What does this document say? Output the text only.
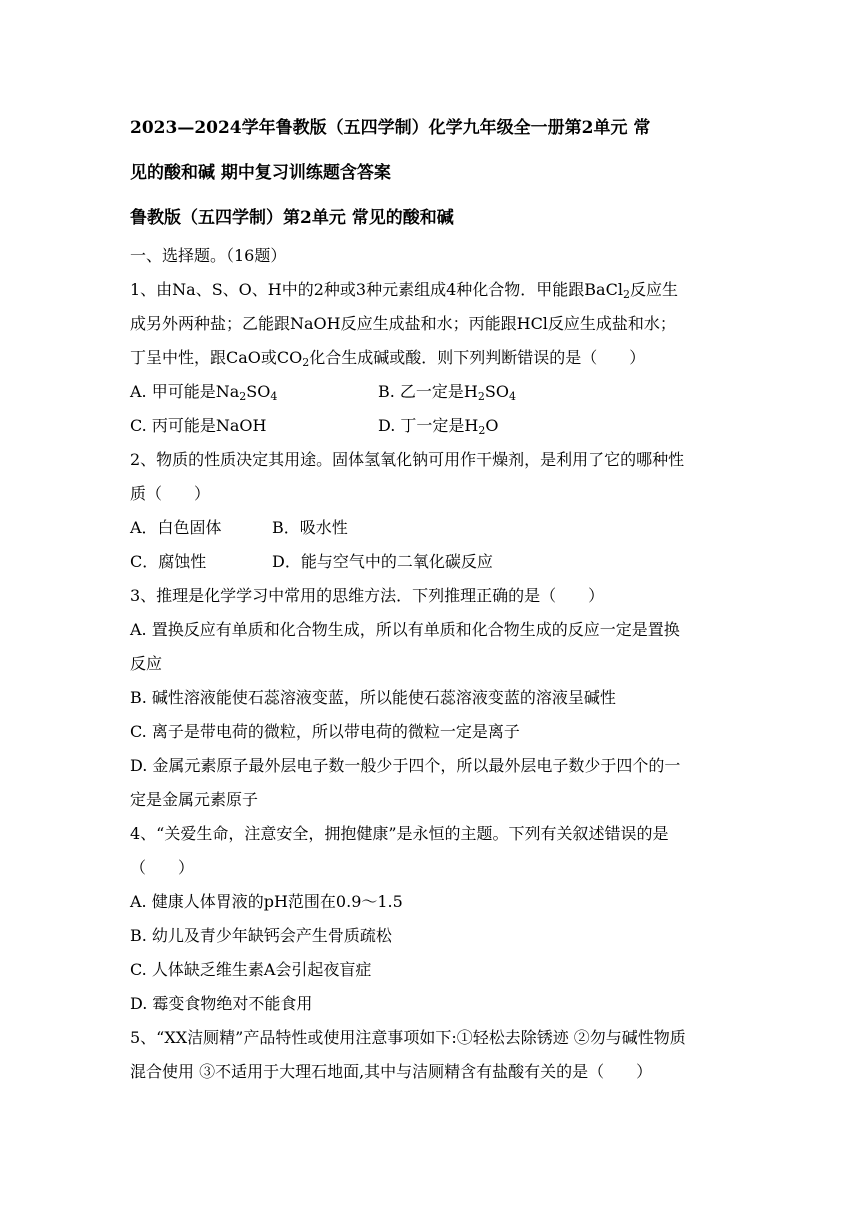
2023—2024学年鲁教版（五四学制）化学九年级全一册第2单元 常
见的酸和碱 期中复习训练题含答案
鲁教版（五四学制）第2单元 常见的酸和碱
一、选择题。（16题）
1、由Na、S、O、H中的2种或3种元素组成4种化合物．甲能跟BaCl$_2$反应生
成另外两种盐；乙能跟NaOH反应生成盐和水；丙能跟HCl反应生成盐和水；
丁呈中性，跟CaO或$CO_2$化合生成碱或酸．则下列判断错误的是（　　）
A. 甲可能是$Na_2SO_4$	B. 乙一定是$H_2SO_4$
C. 丙可能是NaOH	D. 丁一定是$H_2O$
2、物质的性质决定其用途。固体氢氧化钠可用作干燥剂，是利用了它的哪种性
质（　　）
A．白色固体	B．吸水性
C．腐蚀性	D．能与空气中的二氧化碳反应
3、推理是化学学习中常用的思维方法．下列推理正确的是（　　）
A. 置换反应有单质和化合物生成，所以有单质和化合物生成的反应一定是置换
反应
B. 碱性溶液能使石蕊溶液变蓝，所以能使石蕊溶液变蓝的溶液呈碱性
C. 离子是带电荷的微粒，所以带电荷的微粒一定是离子
D. 金属元素原子最外层电子数一般少于四个，所以最外层电子数少于四个的一
定是金属元素原子
4、“关爱生命，注意安全，拥抱健康”是永恒的主题。下列有关叙述错误的是
（　　）
A. 健康人体胃液的pH范围在0.9～1.5
B. 幼儿及青少年缺钙会产生骨质疏松
C. 人体缺乏维生素A会引起夜盲症
D. 霉变食物绝对不能食用
5、“XX洁厕精”产品特性或使用注意事项如下:①轻松去除锈迹 ②勿与碱性物质
混合使用 ③不适用于大理石地面,其中与洁厕精含有盐酸有关的是（　　）
